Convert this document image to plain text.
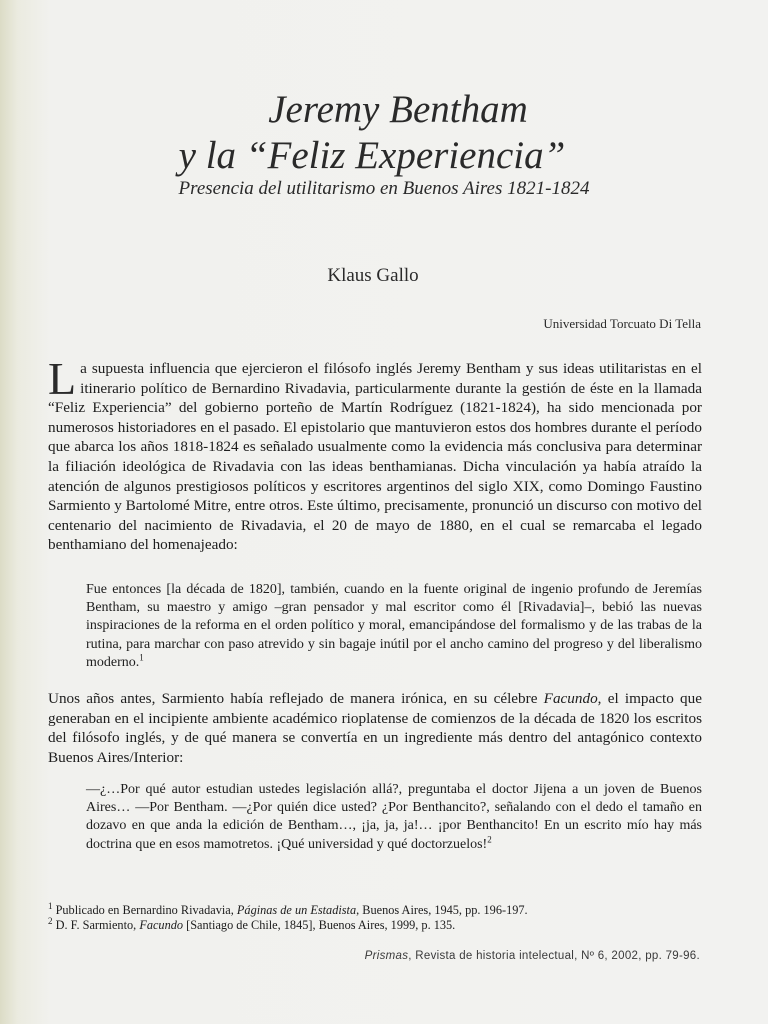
Jeremy Bentham
y la “Feliz Experiencia”
Presencia del utilitarismo en Buenos Aires 1821-1824
Klaus Gallo
Universidad Torcuato Di Tella
La supuesta influencia que ejercieron el filósofo inglés Jeremy Bentham y sus ideas utilitaristas en el itinerario político de Bernardino Rivadavia, particularmente durante la gestión de éste en la llamada “Feliz Experiencia” del gobierno porteño de Martín Rodríguez (1821-1824), ha sido mencionada por numerosos historiadores en el pasado. El epistolario que mantuvieron estos dos hombres durante el período que abarca los años 1818-1824 es señalado usualmente como la evidencia más conclusiva para determinar la filiación ideológica de Rivadavia con las ideas benthamianas. Dicha vinculación ya había atraído la atención de algunos prestigiosos políticos y escritores argentinos del siglo XIX, como Domingo Faustino Sarmiento y Bartolomé Mitre, entre otros. Este último, precisamente, pronunció un discurso con motivo del centenario del nacimiento de Rivadavia, el 20 de mayo de 1880, en el cual se remarcaba el legado benthamiano del homenajeado:
Fue entonces [la década de 1820], también, cuando en la fuente original de ingenio profundo de Jeremías Bentham, su maestro y amigo –gran pensador y mal escritor como él [Rivadavia]–, bebió las nuevas inspiraciones de la reforma en el orden político y moral, emancipándose del formalismo y de las trabas de la rutina, para marchar con paso atrevido y sin bagaje inútil por el ancho camino del progreso y del liberalismo moderno.$^1$
Unos años antes, Sarmiento había reflejado de manera irónica, en su célebre Facundo, el impacto que generaban en el incipiente ambiente académico rioplatense de comienzos de la década de 1820 los escritos del filósofo inglés, y de qué manera se convertía en un ingrediente más dentro del antagónico contexto Buenos Aires/Interior:
—¿…Por qué autor estudian ustedes legislación allá?, preguntaba el doctor Jijena a un joven de Buenos Aires… —Por Bentham. —¿Por quién dice usted? ¿Por Benthancito?, señalando con el dedo el tamaño en dozavo en que anda la edición de Bentham…, ¡ja, ja, ja!… ¡por Benthancito! En un escrito mío hay más doctrina que en esos mamotretos. ¡Qué universidad y qué doctorzuelos!$^2$
$^1$ Publicado en Bernardino Rivadavia, Páginas de un Estadista, Buenos Aires, 1945, pp. 196-197.
$^2$ D. F. Sarmiento, Facundo [Santiago de Chile, 1845], Buenos Aires, 1999, p. 135.
Prismas, Revista de historia intelectual, Nº 6, 2002, pp. 79-96.
